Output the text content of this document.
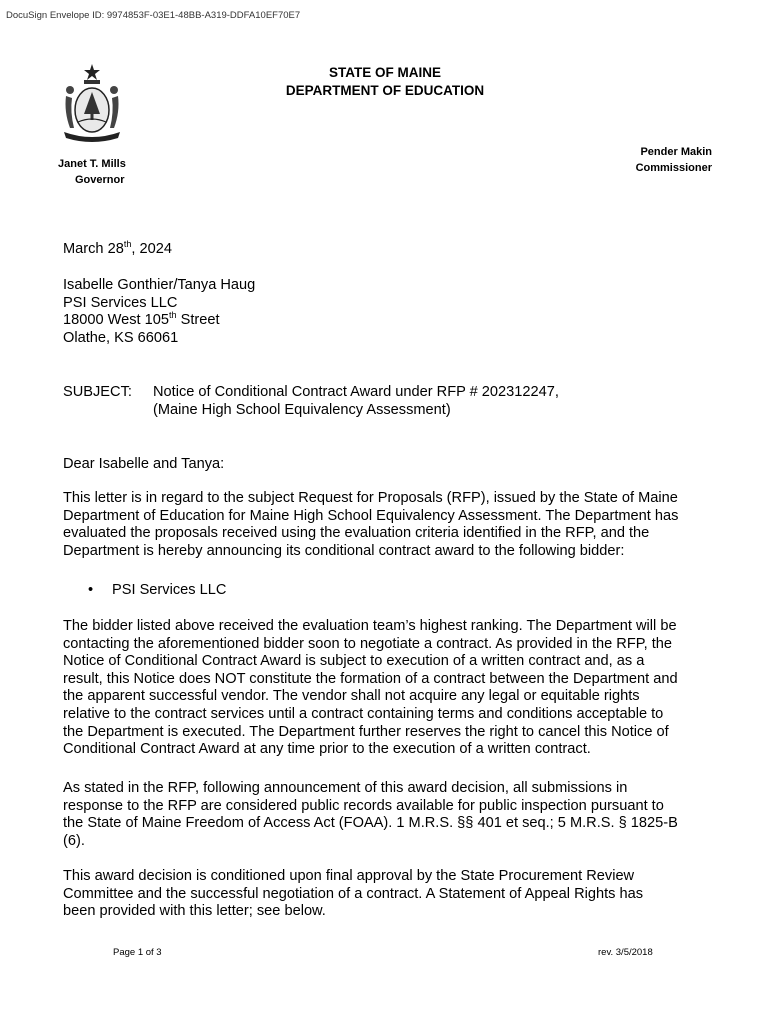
DocuSign Envelope ID: 9974853F-03E1-48BB-A319-DDFA10EF70E7
STATE OF MAINE
DEPARTMENT OF EDUCATION
Janet T. Mills
Governor
Pender Makin
Commissioner
March 28th, 2024
Isabelle Gonthier/Tanya Haug
PSI Services LLC
18000 West 105th Street
Olathe, KS 66061
SUBJECT: Notice of Conditional Contract Award under RFP # 202312247,
(Maine High School Equivalency Assessment)
Dear Isabelle and Tanya:
This letter is in regard to the subject Request for Proposals (RFP), issued by the State of Maine
Department of Education for Maine High School Equivalency Assessment. The Department has
evaluated the proposals received using the evaluation criteria identified in the RFP, and the
Department is hereby announcing its conditional contract award to the following bidder:
• PSI Services LLC
The bidder listed above received the evaluation team’s highest ranking. The Department will be
contacting the aforementioned bidder soon to negotiate a contract. As provided in the RFP, the
Notice of Conditional Contract Award is subject to execution of a written contract and, as a
result, this Notice does NOT constitute the formation of a contract between the Department and
the apparent successful vendor. The vendor shall not acquire any legal or equitable rights
relative to the contract services until a contract containing terms and conditions acceptable to
the Department is executed. The Department further reserves the right to cancel this Notice of
Conditional Contract Award at any time prior to the execution of a written contract.
As stated in the RFP, following announcement of this award decision, all submissions in
response to the RFP are considered public records available for public inspection pursuant to
the State of Maine Freedom of Access Act (FOAA). 1 M.R.S. §§ 401 et seq.; 5 M.R.S. § 1825-B
(6).
This award decision is conditioned upon final approval by the State Procurement Review
Committee and the successful negotiation of a contract. A Statement of Appeal Rights has
been provided with this letter; see below.
Page 1 of 3	rev. 3/5/2018
